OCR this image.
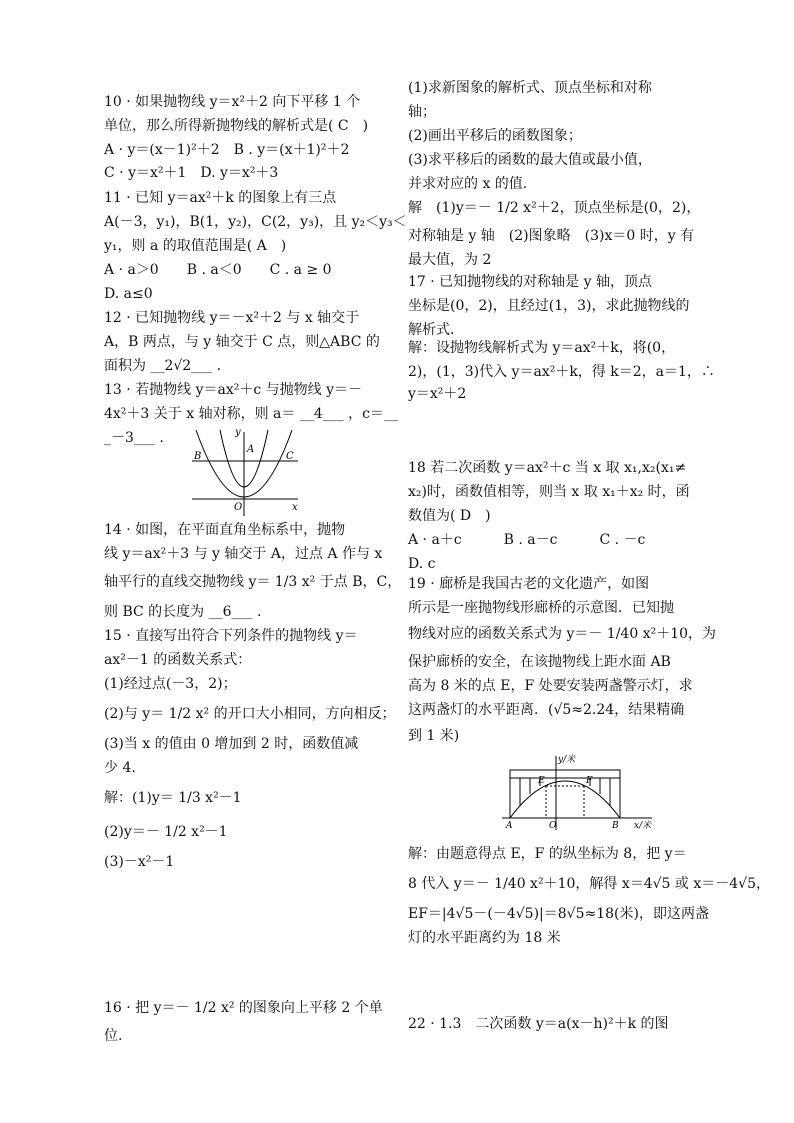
10 · 如果抛物线 y＝x²＋2 向下平移 1 个
单位，那么所得新抛物线的解析式是( C　)
A · y＝(x－1)²＋2　B . y＝(x＋1)²＋2
C · y＝x²＋1　D. y＝x²＋3
11 · 已知 y＝ax²＋k 的图象上有三点
A(－3，y₁)，B(1，y₂)，C(2，y₃)，且 y₂＜y₃＜
y₁，则 a 的取值范围是( A　)
A · a＞0　　B . a＜0　　C . a ≥ 0
D. a≤0
12 · 已知抛物线 y＝－x²＋2 与 x 轴交于
A，B 两点，与 y 轴交于 C 点，则△ABC 的
面积为 __2√2___ .
13 · 若抛物线 y＝ax²＋c 与抛物线 y＝－
4x²＋3 关于 x 轴对称，则 a＝ __4___ ，c＝__
_－3___ .	y
A
B	C
O	x
14 · 如图，在平面直角坐标系中，抛物
线 y＝ax²＋3 与 y 轴交于 A，过点 A 作与 x
轴平行的直线交抛物线 y＝ 1/3 x² 于点 B，C，
则 BC 的长度为 __6___ .
15 · 直接写出符合下列条件的抛物线 y＝
ax²－1 的函数关系式：
(1)经过点(－3，2)；
(2)与 y＝ 1/2 x² 的开口大小相同，方向相反；
(3)当 x 的值由 0 增加到 2 时，函数值减
少 4.
解：(1)y＝ 1/3 x²－1
(2)y＝－ 1/2 x²－1
(3)－x²－1
16 · 把 y＝－ 1/2 x² 的图象向上平移 2 个单
位.
(1)求新图象的解析式、顶点坐标和对称
轴；
(2)画出平移后的函数图象；
(3)求平移后的函数的最大值或最小值，
并求对应的 x 的值.
解　(1)y＝－ 1/2 x²＋2，顶点坐标是(0，2)，
对称轴是 y 轴　(2)图象略　(3)x＝0 时，y 有
最大值，为 2
17 · 已知抛物线的对称轴是 y 轴，顶点
坐标是(0，2)，且经过(1，3)，求此抛物线的
解析式.
解：设抛物线解析式为 y＝ax²＋k，将(0，
2)，(1，3)代入 y＝ax²＋k，得 k＝2，a＝1，∴
y＝x²＋2
18 若二次函数 y＝ax²＋c 当 x 取 x₁,x₂(x₁≠
x₂)时，函数值相等，则当 x 取 x₁＋x₂ 时，函
数值为( D　)
A · a＋c　　　B . a－c　　　C . －c
D. c
19 · 廊桥是我国古老的文化遗产，如图
所示是一座抛物线形廊桥的示意图．已知抛
物线对应的函数关系式为 y＝－ 1/40 x²＋10，为
保护廊桥的安全，在该抛物线上距水面 AB
高为 8 米的点 E，F 处要安装两盏警示灯，求
这两盏灯的水平距离．(√5≈2.24，结果精确
到 1 米)
y/米
E	F
A	O	B x/米
解：由题意得点 E，F 的纵坐标为 8，把 y＝
8 代入 y＝－ 1/40 x²＋10，解得 x＝4√5 或 x＝－4√5，
EF＝|4√5－(－4√5)|＝8√5≈18(米)，即这两盏
灯的水平距离约为 18 米
22 · 1.3　二次函数 y＝a(x－h)²＋k 的图
